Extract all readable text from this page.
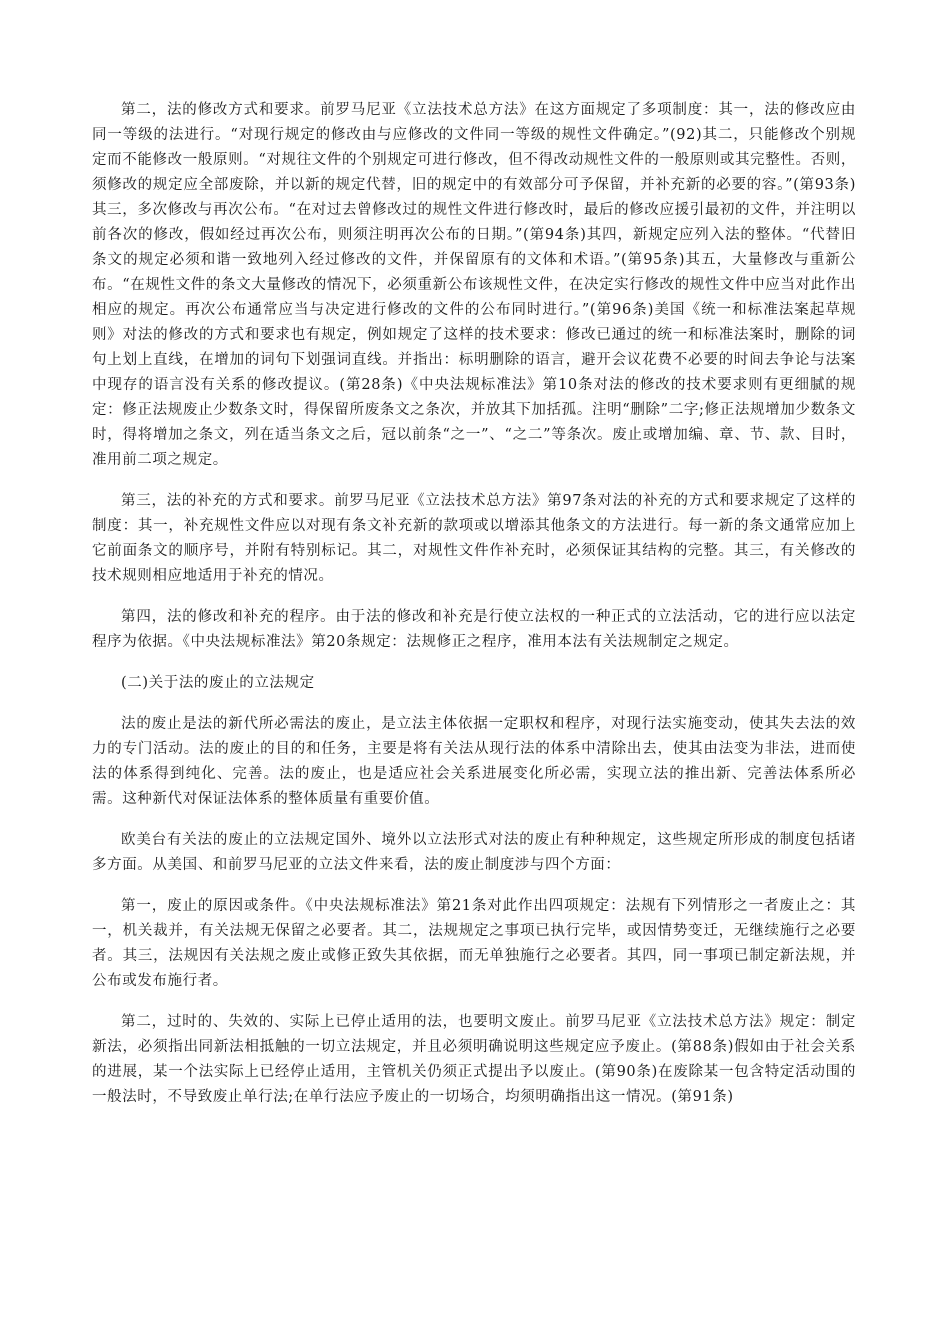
第二，法的修改方式和要求。前罗马尼亚《立法技术总方法》在这方面规定了多项制度：其一，法的修改应由同一等级的法进行。“对现行规定的修改由与应修改的文件同一等级的规性文件确定。”(92)其二，只能修改个别规定而不能修改一般原则。“对规往文件的个别规定可进行修改，但不得改动规性文件的一般原则或其完整性。否则，须修改的规定应全部废除，并以新的规定代替，旧的规定中的有效部分可予保留，并补充新的必要的容。”(第93条)其三，多次修改与再次公布。“在对过去曾修改过的规性文件进行修改时，最后的修改应援引最初的文件，并注明以前各次的修改，假如经过再次公布，则须注明再次公布的日期。”(第94条)其四，新规定应列入法的整体。“代替旧条文的规定必须和谐一致地列入经过修改的文件，并保留原有的文体和术语。”(第95条)其五，大量修改与重新公布。“在规性文件的条文大量修改的情况下，必须重新公布该规性文件，在决定实行修改的规性文件中应当对此作出相应的规定。再次公布通常应当与决定进行修改的文件的公布同时进行。”(第96条)美国《统一和标准法案起草规则》对法的修改的方式和要求也有规定，例如规定了这样的技术要求：修改已通过的统一和标准法案时，删除的词句上划上直线，在增加的词句下划强词直线。并指出：标明删除的语言，避开会议花费不必要的时间去争论与法案中现存的语言没有关系的修改提议。(第28条)《中央法规标准法》第10条对法的修改的技术要求则有更细腻的规定：修正法规废止少数条文时，得保留所废条文之条次，并放其下加括孤。注明“删除”二字;修正法规增加少数条文时，得将增加之条文，列在适当条文之后，冠以前条“之一”、“之二”等条次。废止或增加编、章、节、款、目时，准用前二项之规定。

第三，法的补充的方式和要求。前罗马尼亚《立法技术总方法》第97条对法的补充的方式和要求规定了这样的制度：其一，补充规性文件应以对现有条文补充新的款项或以增添其他条文的方法进行。每一新的条文通常应加上它前面条文的顺序号，并附有特别标记。其二，对规性文件作补充时，必须保证其结构的完整。其三，有关修改的技术规则相应地适用于补充的情况。

第四，法的修改和补充的程序。由于法的修改和补充是行使立法权的一种正式的立法活动，它的进行应以法定程序为依据。《中央法规标准法》第20条规定：法规修正之程序，准用本法有关法规制定之规定。

(二)关于法的废止的立法规定

法的废止是法的新代所必需法的废止，是立法主体依据一定职权和程序，对现行法实施变动，使其失去法的效力的专门活动。法的废止的目的和任务，主要是将有关法从现行法的体系中清除出去，使其由法变为非法，进而使法的体系得到纯化、完善。法的废止，也是适应社会关系进展变化所必需，实现立法的推出新、完善法体系所必需。这种新代对保证法体系的整体质量有重要价值。

欧美台有关法的废止的立法规定国外、境外以立法形式对法的废止有种种规定，这些规定所形成的制度包括诸多方面。从美国、和前罗马尼亚的立法文件来看，法的废止制度涉与四个方面：

第一，废止的原因或条件。《中央法规标准法》第21条对此作出四项规定：法规有下列情形之一者废止之：其一，机关裁并，有关法规无保留之必要者。其二，法规规定之事项已执行完毕，或因情势变迁，无继续施行之必要者。其三，法规因有关法规之废止或修正致失其依据，而无单独施行之必要者。其四，同一事项已制定新法规，并公布或发布施行者。

第二，过时的、失效的、实际上已停止适用的法，也要明文废止。前罗马尼亚《立法技术总方法》规定：制定新法，必须指出同新法相抵触的一切立法规定，并且必须明确说明这些规定应予废止。(第88条)假如由于社会关系的进展，某一个法实际上已经停止适用，主管机关仍须正式提出予以废止。(第90条)在废除某一包含特定活动围的一般法时，不导致废止单行法;在单行法应予废止的一切场合，均须明确指出这一情况。(第91条)
